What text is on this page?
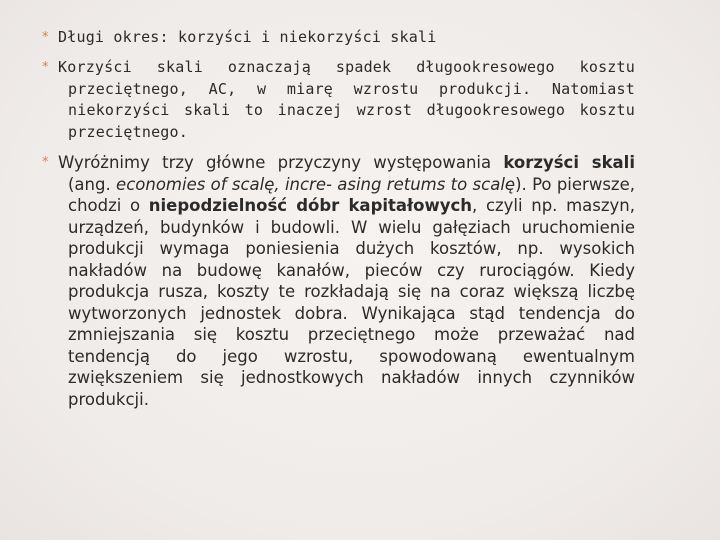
* Długi okres: korzyści i niekorzyści skali
* Korzyści skali oznaczają spadek długookresowego kosztu przeciętnego, AC, w miarę wzrostu produkcji. Natomiast niekorzyści skali to inaczej wzrost długookresowego kosztu przeciętnego.
* Wyróżnimy trzy główne przyczyny występowania korzyści skali (ang. economies of scalę, incre- asing retums to scalę). Po pierwsze, chodzi o niepodzielność dóbr kapitałowych, czyli np. maszyn, urządzeń, budynków i budowli. W wielu gałęziach uruchomienie produkcji wymaga poniesienia dużych kosztów, np. wysokich nakładów na budowę kanałów, pieców czy rurociągów. Kiedy produkcja rusza, koszty te rozkładają się na coraz większą liczbę wytworzonych jednostek dobra. Wynikająca stąd tendencja do zmniejszania się kosztu przeciętnego może przeważać nad tendencją do jego wzrostu, spowodowaną ewentualnym zwiększeniem się jednostkowych nakładów innych czynników produkcji.
